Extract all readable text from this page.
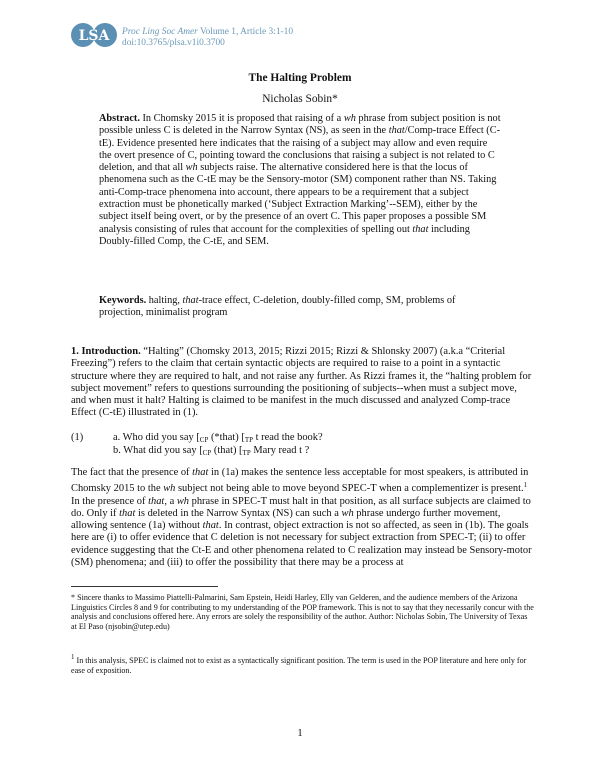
LSA Proc Ling Soc Amer Volume 1, Article 3:1-10
doi:10.3765/plsa.v1i0.3700
The Halting Problem
Nicholas Sobin*

Abstract. In Chomsky 2015 it is proposed that raising of a wh phrase from subject position is not possible unless C is deleted in the Narrow Syntax (NS), as seen in the that/Comp-trace Effect (C-tE). Evidence presented here indicates that the raising of a subject may allow and even require the overt presence of C, pointing toward the conclusions that raising a subject is not related to C deletion, and that all wh subjects raise. The alternative considered here is that the locus of phenomena such as the C-tE may be the Sensory-motor (SM) component rather than NS. Taking anti-Comp-trace phenomena into account, there appears to be a requirement that a subject extraction must be phonetically marked (‘Subject Extraction Marking’--SEM), either by the subject itself being overt, or by the presence of an overt C. This paper proposes a possible SM analysis consisting of rules that account for the complexities of spelling out that including Doubly-filled Comp, the C-tE, and SEM.

Keywords. halting, that-trace effect, C-deletion, doubly-filled comp, SM, problems of projection, minimalist program

1. Introduction. “Halting” (Chomsky 2013, 2015; Rizzi 2015; Rizzi & Shlonsky 2007) (a.k.a “Criterial Freezing”) refers to the claim that certain syntactic objects are required to raise to a point in a syntactic structure where they are required to halt, and not raise any further. As Rizzi frames it, the “halting problem for subject movement” refers to questions surrounding the positioning of subjects--when must a subject move, and when must it halt? Halting is claimed to be manifest in the much discussed and analyzed Comp-trace Effect (C-tE) illustrated in (1).

(1)	a. Who did you say [$_{CP}$ (*that) [$_{TP}$ t read the book?
b. What did you say [$_{CP}$ (that) [$_{TP}$ Mary read t ?

The fact that the presence of that in (1a) makes the sentence less acceptable for most speakers, is attributed in Chomsky 2015 to the wh subject not being able to move beyond SPEC-T when a complementizer is present.$^1$ In the presence of that, a wh phrase in SPEC-T must halt in that position, as all surface subjects are claimed to do. Only if that is deleted in the Narrow Syntax (NS) can such a wh phrase undergo further movement, allowing sentence (1a) without that. In contrast, object extraction is not so affected, as seen in (1b). The goals here are (i) to offer evidence that C deletion is not necessary for subject extraction from SPEC-T; (ii) to offer evidence suggesting that the Ct-E and other phenomena related to C realization may instead be Sensory-motor (SM) phenomena; and (iii) to offer the possibility that there may be a process at

* Sincere thanks to Massimo Piattelli-Palmarini, Sam Epstein, Heidi Harley, Elly van Gelderen, and the audience members of the Arizona Linguistics Circles 8 and 9 for contributing to my understanding of the POP framework. This is not to say that they necessarily concur with the analysis and conclusions offered here. Any errors are solely the responsibility of the author. Author: Nicholas Sobin, The University of Texas at El Paso (njsobin@utep.edu)

1 In this analysis, SPEC is claimed not to exist as a syntactically significant position. The term is used in the POP literature and here only for ease of exposition.

1
